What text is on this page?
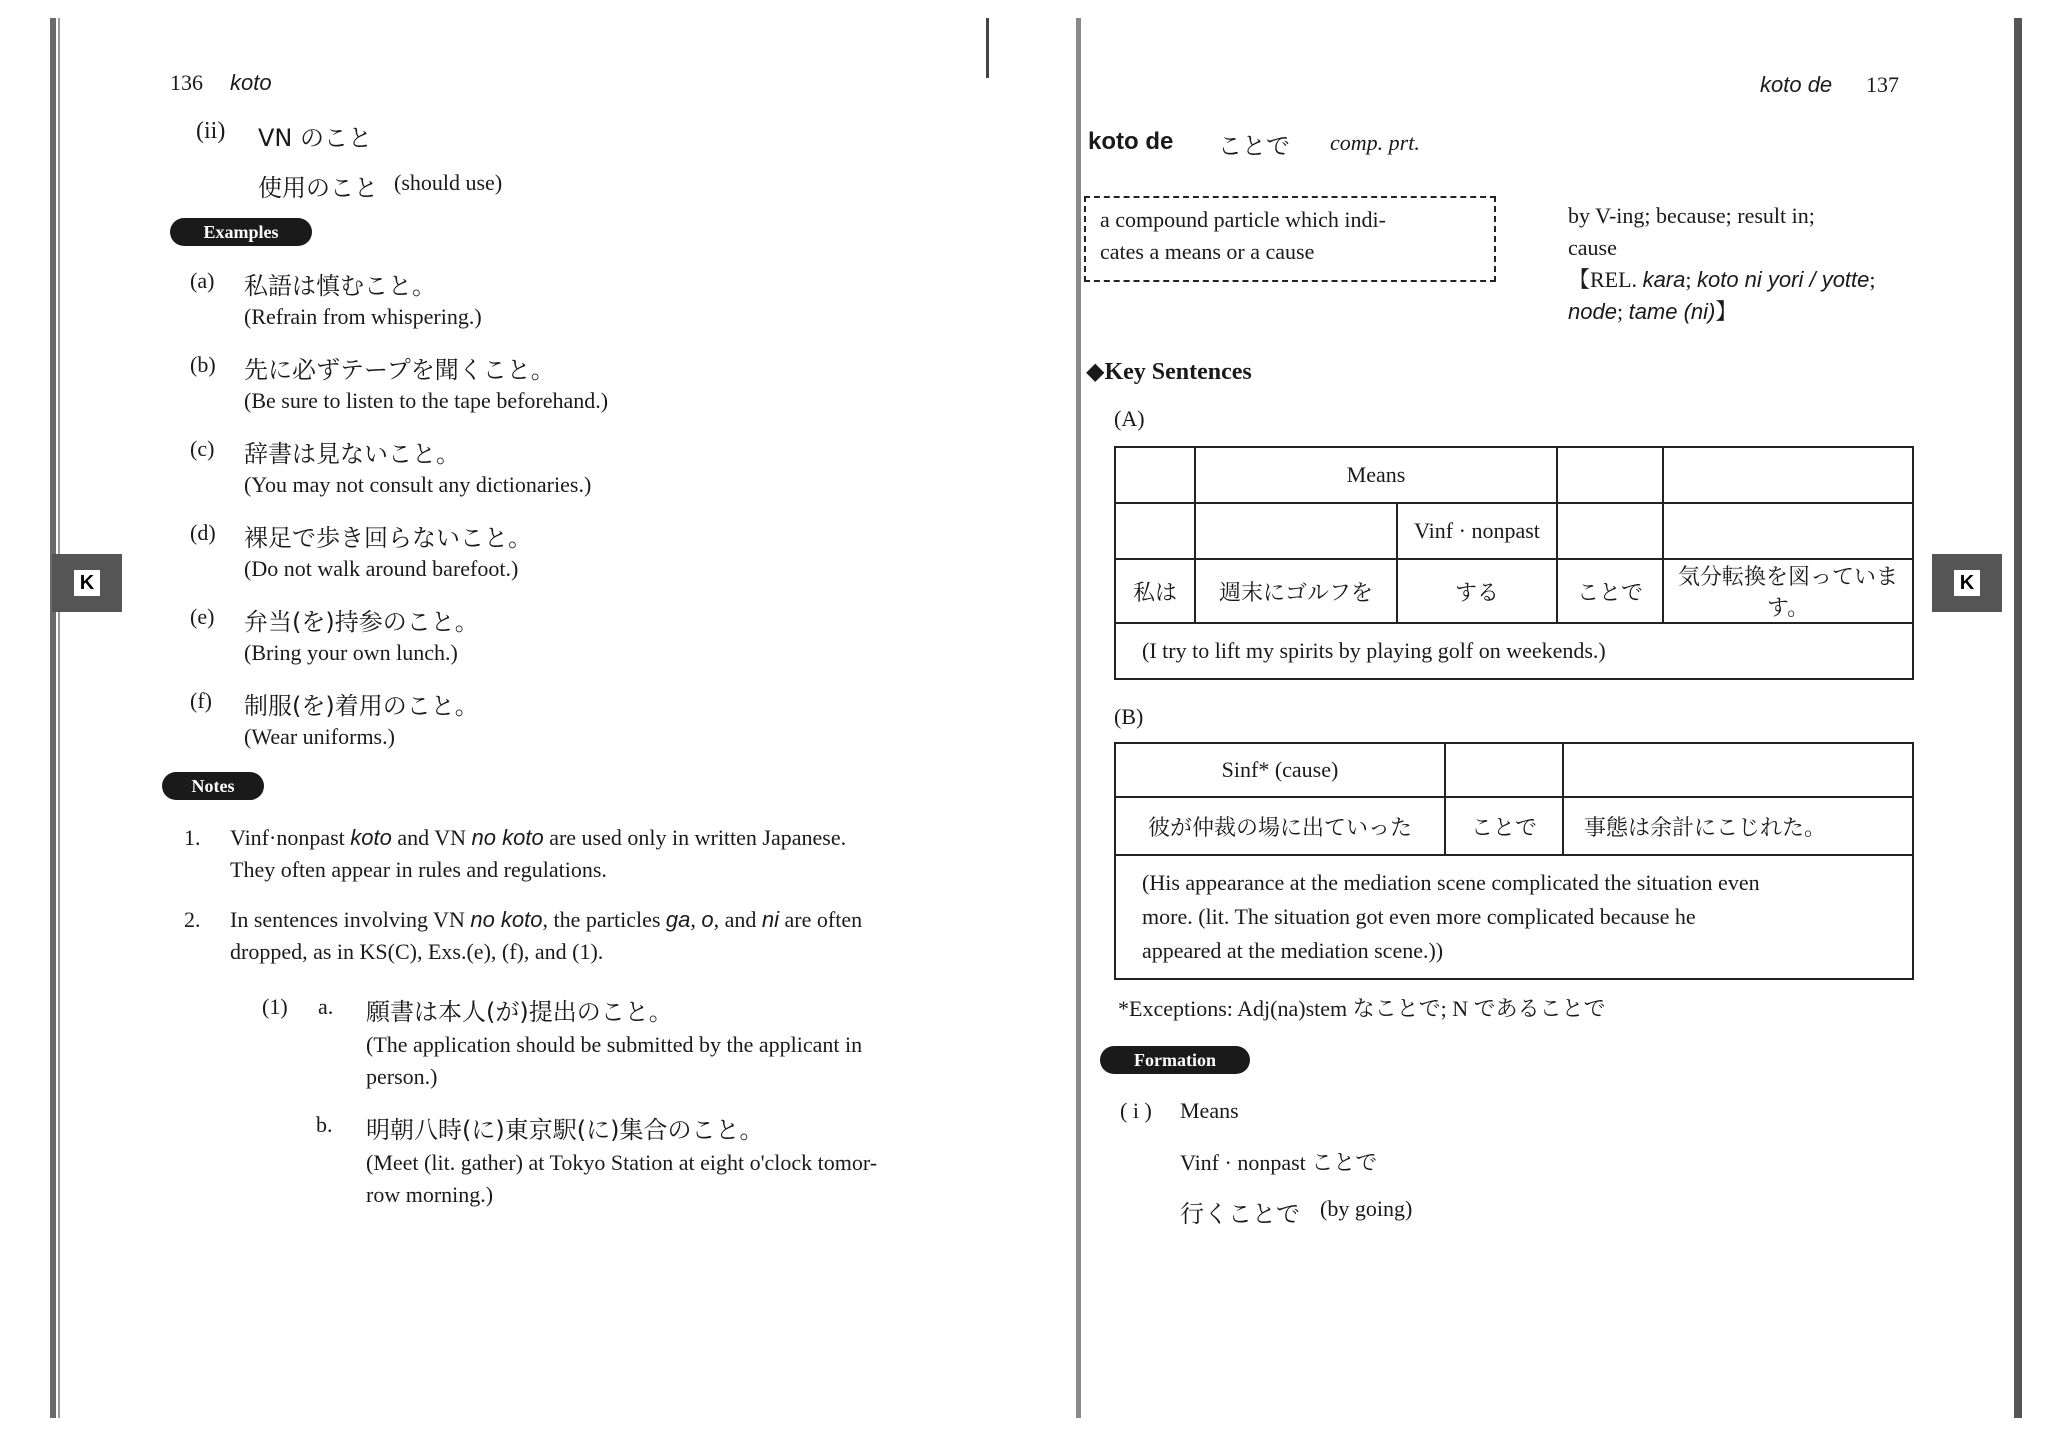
136 koto
(ii) VN のこと
使用のこと (should use)
Examples
(a) 私語は慎むこと。
(Refrain from whispering.)
(b) 先に必ずテープを聞くこと。
(Be sure to listen to the tape beforehand.)
(c) 辞書は見ないこと。
(You may not consult any dictionaries.)
(d) 裸足で歩き回らないこと。
(Do not walk around barefoot.)
(e) 弁当(を)持参のこと。
(Bring your own lunch.)
(f) 制服(を)着用のこと。
(Wear uniforms.)
Notes
1. Vinf·nonpast koto and VN no koto are used only in written Japanese.
They often appear in rules and regulations.
2. In sentences involving VN no koto, the particles ga, o, and ni are often
dropped, as in KS(C), Exs.(e), (f), and (1).
(1) a. 願書は本人(が)提出のこと。
(The application should be submitted by the applicant in
person.)
b. 明朝八時(に)東京駅(に)集合のこと。
(Meet (lit. gather) at Tokyo Station at eight o'clock tomor-
row morning.)
K
koto de 137
koto de ことで comp. prt.
a compound particle which indi-
cates a means or a cause
by V-ing; because; result in;
cause
【REL. kara; koto ni yori / yotte;
node; tame (ni)】
◆Key Sentences
(A)
	Means			
		Vinf · nonpast		
私は	週末にゴルフを	する	ことで	気分転換を図っています。
(I try to lift my spirits by playing golf on weekends.)				
(B)
Sinf* (cause)		
彼が仲裁の場に出ていった	ことで	事態は余計にこじれた。

(His appearance at the mediation scene complicated the situation even
more. (lit. The situation got even more complicated because he
appeared at the mediation scene.))		
*Exceptions: Adj(na)stem なことで; N であることで
Formation
( i ) Means
Vinf · nonpast ことで
行くことで (by going)
K
